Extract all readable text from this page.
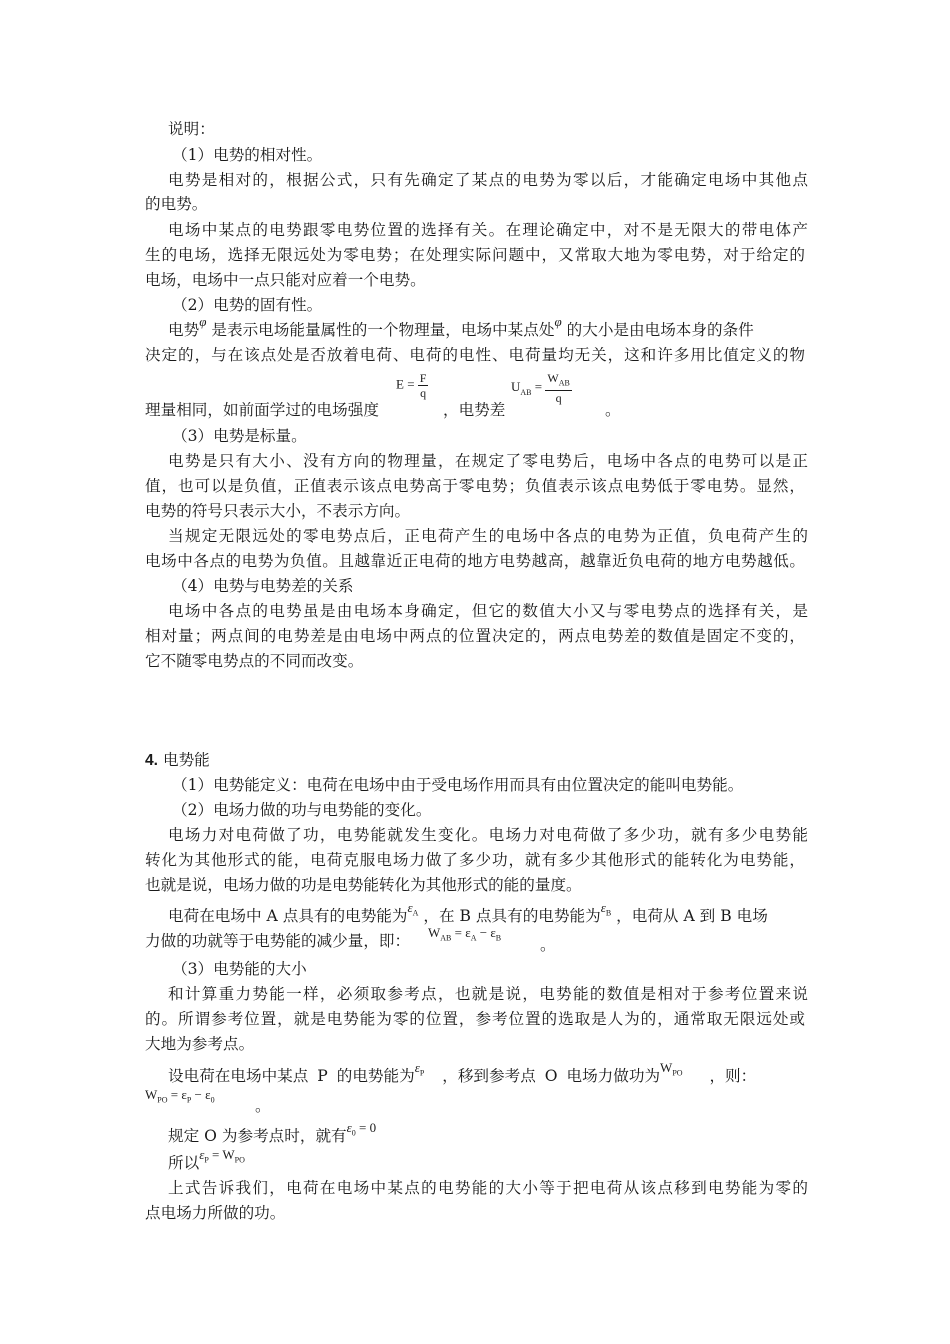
说明：
（1）电势的相对性。
电势是相对的，根据公式，只有先确定了某点的电势为零以后，才能确定电场中其他点
的电势。
电场中某点的电势跟零电势位置的选择有关。在理论确定中，对不是无限大的带电体产
生的电场，选择无限远处为零电势；在处理实际问题中，又常取大地为零电势，对于给定的
电场，电场中一点只能对应着一个电势。
（2）电势的固有性。
电势$^\varphi$ 是表示电场能量属性的一个物理量，电场中某点处$^\varphi$ 的大小是由电场本身的条件
决定的，与在该点处是否放着电荷、电荷的电性、电荷量均无关，这和许多用比值定义的物
$E = \frac{F}{q}$	$U_{AB} = \frac{W_{AB}}{q}$
理量相同，如前面学过的电场强度	，电势差	。
（3）电势是标量。
电势是只有大小、没有方向的物理量，在规定了零电势后，电场中各点的电势可以是正
值，也可以是负值，正值表示该点电势高于零电势；负值表示该点电势低于零电势。显然，
电势的符号只表示大小，不表示方向。
当规定无限远处的零电势点后，正电荷产生的电场中各点的电势为正值，负电荷产生的
电场中各点的电势为负值。且越靠近正电荷的地方电势越高，越靠近负电荷的地方电势越低。
（4）电势与电势差的关系
电场中各点的电势虽是由电场本身确定，但它的数值大小又与零电势点的选择有关，是
相对量；两点间的电势差是由电场中两点的位置决定的，两点电势差的数值是固定不变的，
它不随零电势点的不同而改变。
4. 电势能
（1）电势能定义：电荷在电场中由于受电场作用而具有由位置决定的能叫电势能。
（2）电场力做的功与电势能的变化。
电场力对电荷做了功，电势能就发生变化。电场力对电荷做了多少功，就有多少电势能
转化为其他形式的能，电荷克服电场力做了多少功，就有多少其他形式的能转化为电势能，
也就是说，电场力做的功是电势能转化为其他形式的能的量度。
电荷在电场中 A 点具有的电势能为$^{\varepsilon_A}$ ，在 B 点具有的电势能为$^{\varepsilon_B}$ ，电荷从 A 到 B 电场
力做的功就等于电势能的减少量，即： $W_{AB} = \varepsilon_A - \varepsilon_B$ 。
（3）电势能的大小
和计算重力势能一样，必须取参考点，也就是说，电势能的数值是相对于参考位置来说
的。所谓参考位置，就是电势能为零的位置，参考位置的选取是人为的，通常取无限远处或
大地为参考点。
设电荷在电场中某点 P 的电势能为$^{\varepsilon_P}$ ，移到参考点 O 电场力做功为$^{W_{PO}}$ ，则：
$W_{PO} = \varepsilon_P - \varepsilon_0$	。
规定 O 为参考点时，就有$^{\varepsilon_0 = 0}$
所以$^{\varepsilon_P = W_{PO}}$
上式告诉我们，电荷在电场中某点的电势能的大小等于把电荷从该点移到电势能为零的
点电场力所做的功。
